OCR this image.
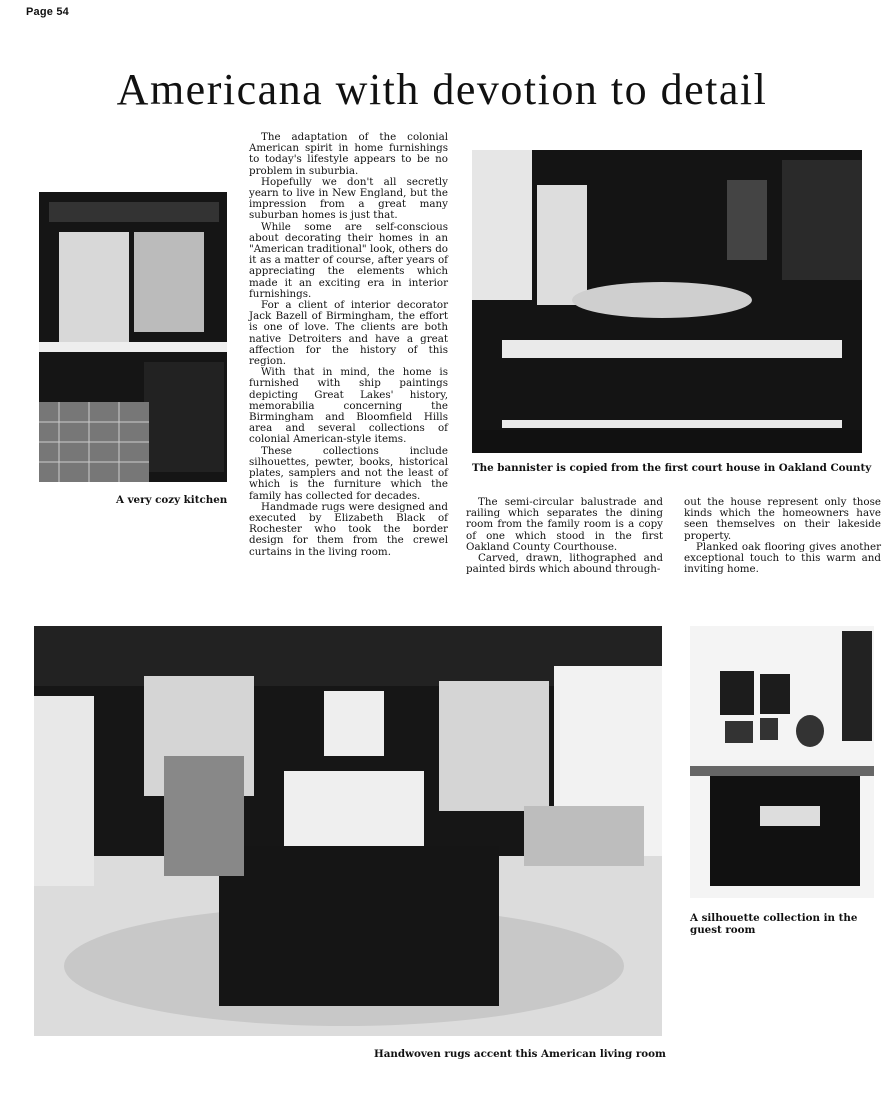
Page 54
Americana with devotion to detail
A very cozy kitchen

The adaptation of the colonial American spirit in home furnishings to today's lifestyle appears to be no problem in suburbia.

Hopefully we don't all secretly yearn to live in New England, but the impression from a great many suburban homes is just that.

While some are self-conscious about decorating their homes in an "American traditional" look, others do it as a matter of course, after years of appreciating the elements which made it an exciting era in interior furnishings.

For a client of interior decorator Jack Bazell of Birmingham, the effort is one of love. The clients are both native Detroiters and have a great affection for the history of this region.

With that in mind, the home is furnished with ship paintings depicting Great Lakes' history, memorabilia concerning the Birmingham and Bloomfield Hills area and several collections of colonial American-style items.

These collections include silhouettes, pewter, books, historical plates, samplers and not the least of which is the furniture which the family has collected for decades.

Handmade rugs were designed and executed by Elizabeth Black of Rochester who took the border design for them from the crewel curtains in the living room.

The bannister is copied from the first court house in Oakland County

The semi-circular balustrade and railing which separates the dining room from the family room is a copy of one which stood in the first Oakland County Courthouse.

Carved, drawn, lithographed and painted birds which abound through-

out the house represent only those kinds which the homeowners have seen themselves on their lakeside property.

Planked oak flooring gives another exceptional touch to this warm and inviting home.

Handwoven rugs accent this American living room
A silhouette collection in the guest room
